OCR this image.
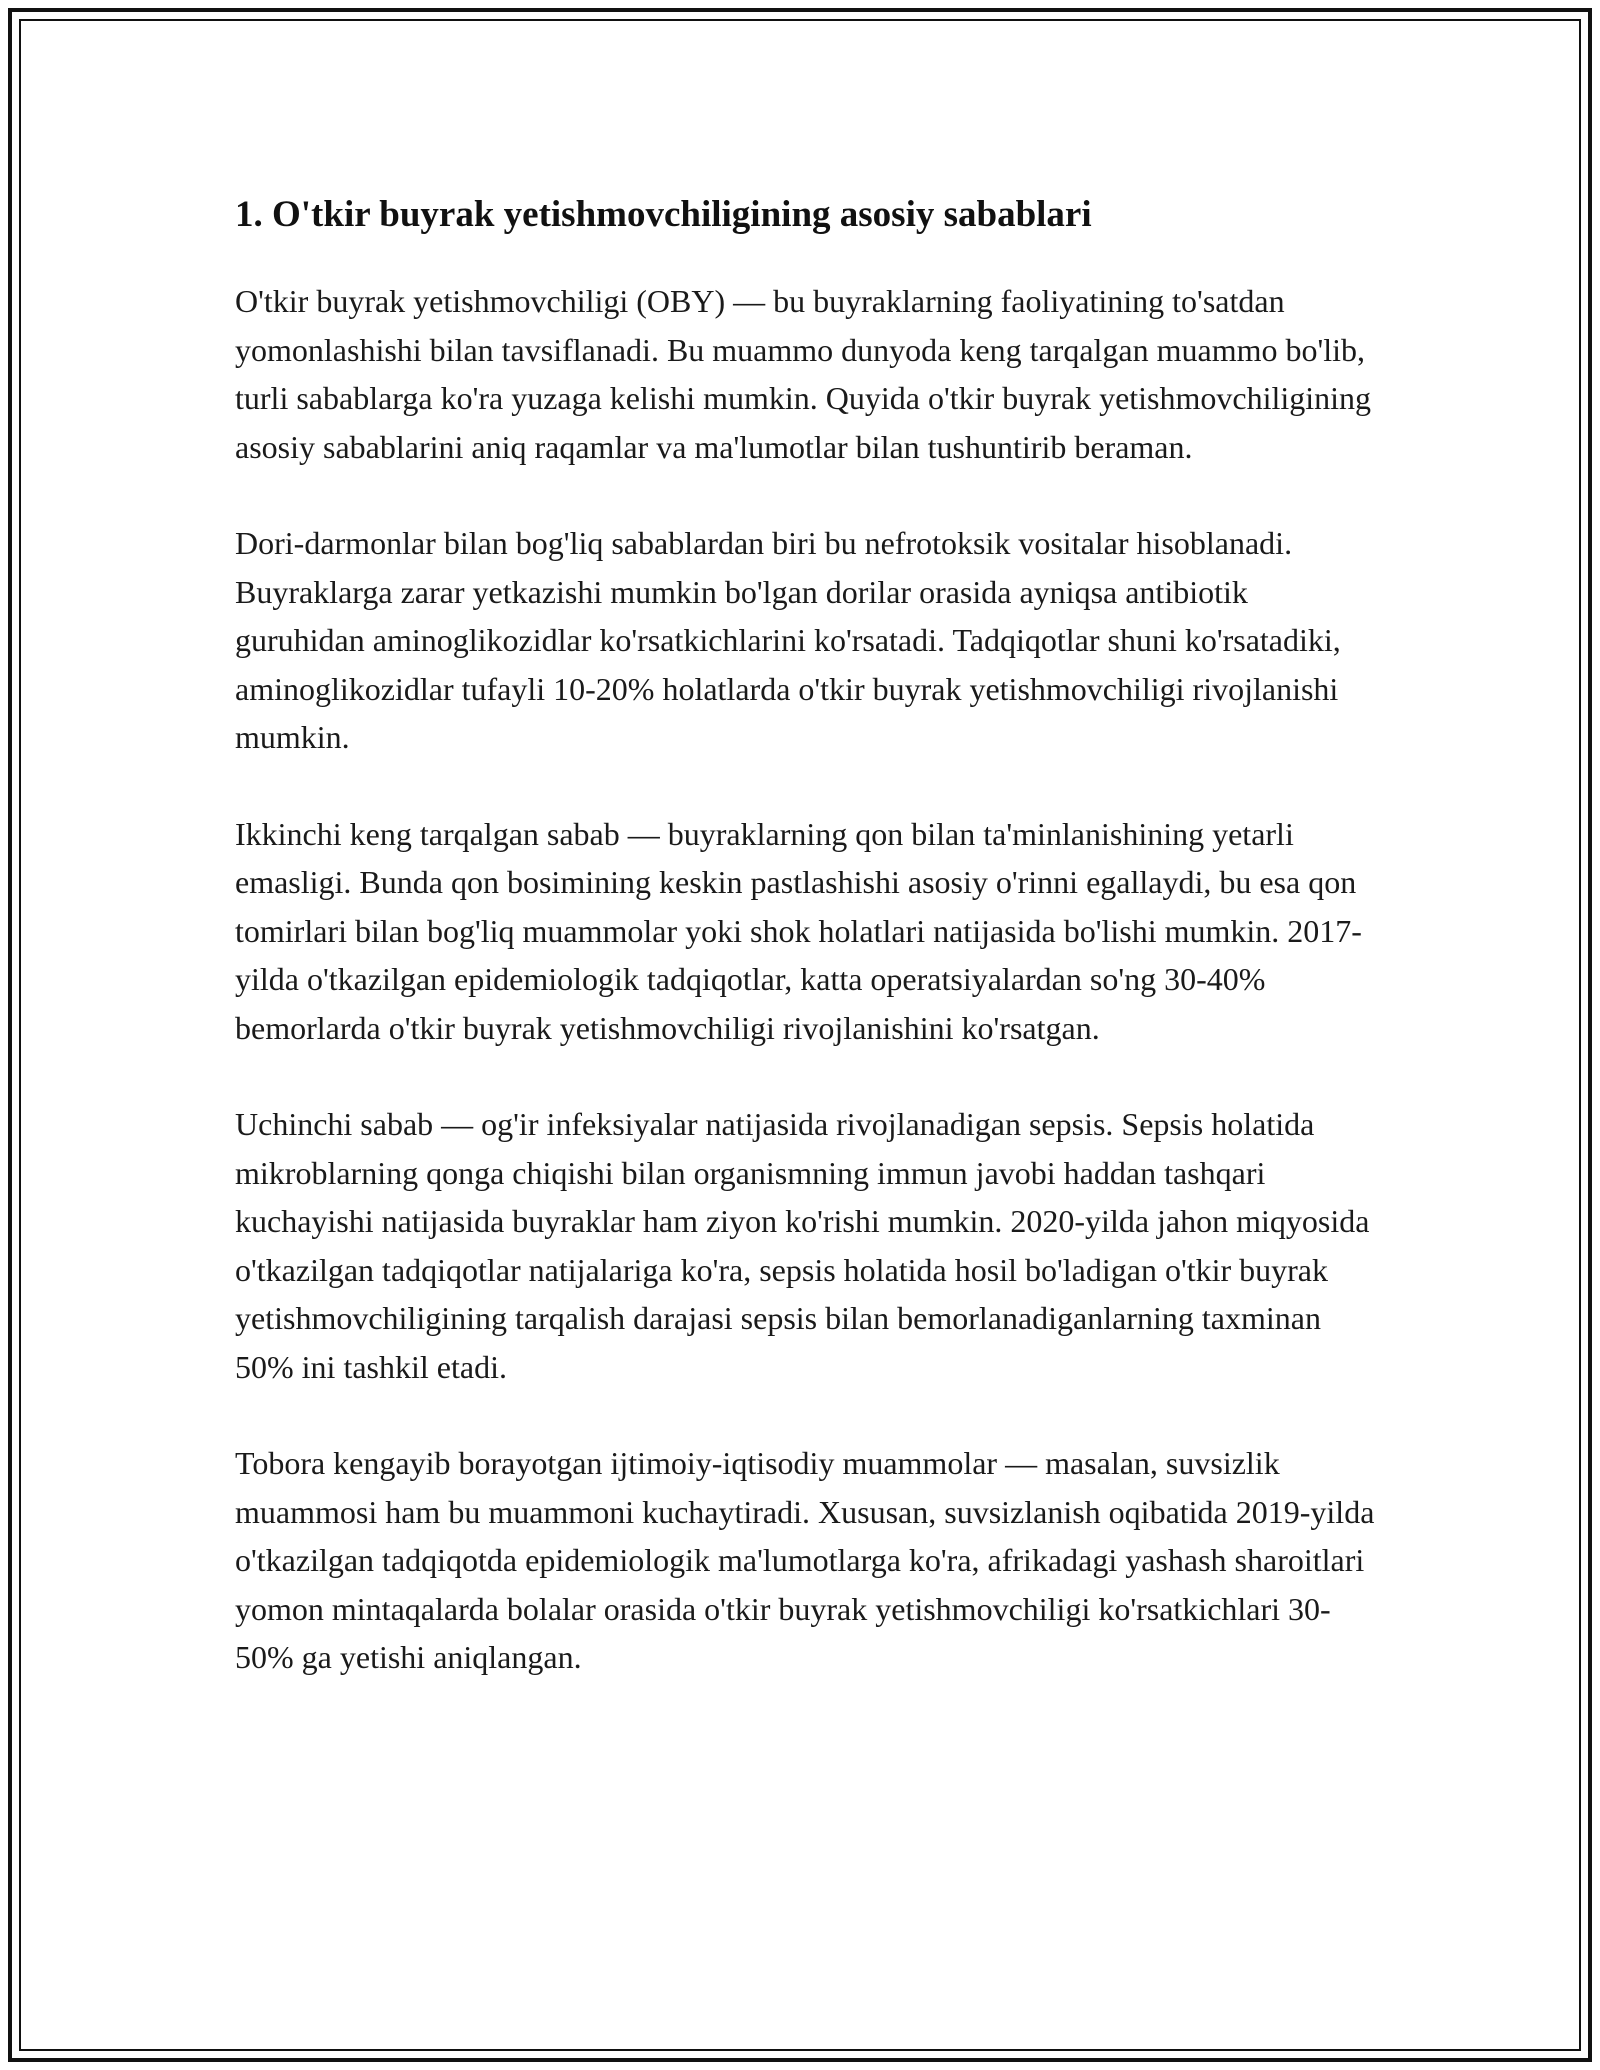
1. O'tkir buyrak yetishmovchiligining asosiy sabablari

O'tkir buyrak yetishmovchiligi (OBY) — bu buyraklarning faoliyatining to'satdan yomonlashishi bilan tavsiflanadi. Bu muammo dunyoda keng tarqalgan muammo bo'lib, turli sabablarga ko'ra yuzaga kelishi mumkin. Quyida o'tkir buyrak yetishmovchiligining asosiy sabablarini aniq raqamlar va ma'lumotlar bilan tushuntirib beraman.

Dori-darmonlar bilan bog'liq sabablardan biri bu nefrotoksik vositalar hisoblanadi. Buyraklarga zarar yetkazishi mumkin bo'lgan dorilar orasida ayniqsa antibiotik guruhidan aminoglikozidlar ko'rsatkichlarini ko'rsatadi. Tadqiqotlar shuni ko'rsatadiki, aminoglikozidlar tufayli 10-20% holatlarda o'tkir buyrak yetishmovchiligi rivojlanishi mumkin.

Ikkinchi keng tarqalgan sabab — buyraklarning qon bilan ta'minlanishining yetarli emasligi. Bunda qon bosimining keskin pastlashishi asosiy o'rinni egallaydi, bu esa qon tomirlari bilan bog'liq muammolar yoki shok holatlari natijasida bo'lishi mumkin. 2017-yilda o'tkazilgan epidemiologik tadqiqotlar, katta operatsiyalardan so'ng 30-40% bemorlarda o'tkir buyrak yetishmovchiligi rivojlanishini ko'rsatgan.

Uchinchi sabab — og'ir infeksiyalar natijasida rivojlanadigan sepsis. Sepsis holatida mikroblarning qonga chiqishi bilan organismning immun javobi haddan tashqari kuchayishi natijasida buyraklar ham ziyon ko'rishi mumkin. 2020-yilda jahon miqyosida o'tkazilgan tadqiqotlar natijalariga ko'ra, sepsis holatida hosil bo'ladigan o'tkir buyrak yetishmovchiligining tarqalish darajasi sepsis bilan bemorlanadiganlarning taxminan 50% ini tashkil etadi.

Tobora kengayib borayotgan ijtimoiy-iqtisodiy muammolar — masalan, suvsizlik muammosi ham bu muammoni kuchaytiradi. Xususan, suvsizlanish oqibatida 2019-yilda o'tkazilgan tadqiqotda epidemiologik ma'lumotlarga ko'ra, afrikadagi yashash sharoitlari yomon mintaqalarda bolalar orasida o'tkir buyrak yetishmovchiligi ko'rsatkichlari 30-50% ga yetishi aniqlangan.
